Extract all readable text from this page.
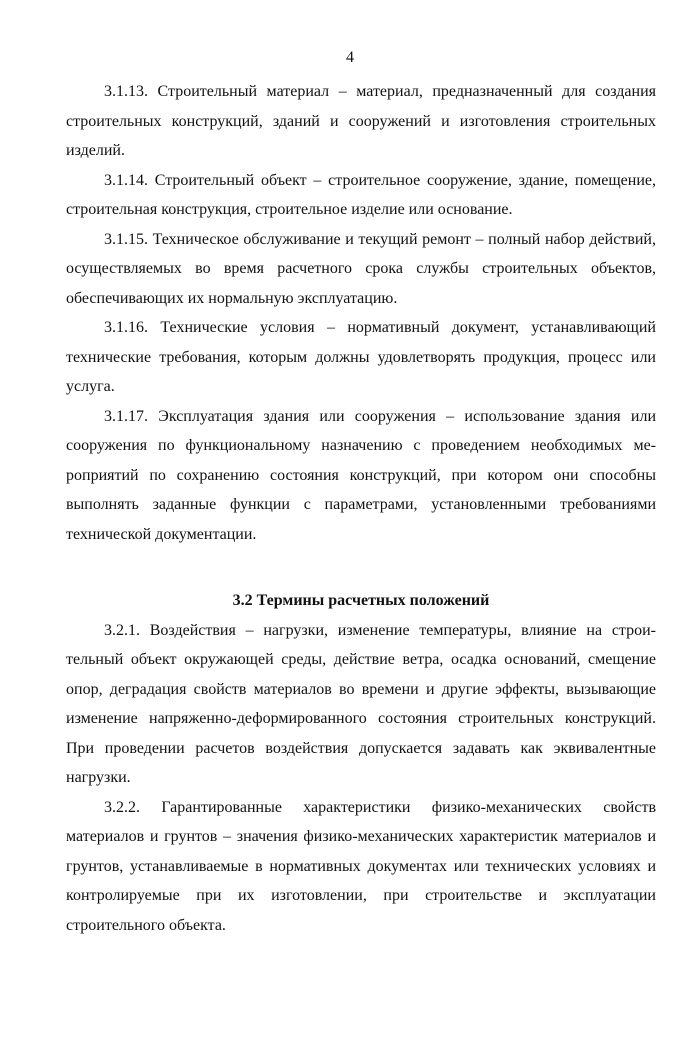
4

3.1.13. Строительный материал – материал, предназначенный для создания строительных конструкций, зданий и сооружений и изготовления строительных изделий.

3.1.14. Строительный объект – строительное сооружение, здание, помещение, строительная конструкция, строительное изделие или основание.

3.1.15. Техническое обслуживание и текущий ремонт – полный набор действий, осуществляемых во время расчетного срока службы строительных объектов, обеспечивающих их нормальную эксплуатацию.

3.1.16. Технические условия – нормативный документ, устанавливающий технические требования, которым должны удовлетворять продукция, процесс или услуга.

3.1.17. Эксплуатация здания или сооружения – использование здания или сооружения по функциональному назначению с проведением необходимых мероприятий по сохранению состояния конструкций, при котором они способны выполнять заданные функции с параметрами, установленными требованиями технической документации.

3.2 Термины расчетных положений

3.2.1. Воздействия – нагрузки, изменение температуры, влияние на строительный объект окружающей среды, действие ветра, осадка оснований, смещение опор, деградация свойств материалов во времени и другие эффекты, вызывающие изменение напряженно-деформированного состояния строительных конструкций. При проведении расчетов воздействия допускается задавать как эквивалентные нагрузки.

3.2.2. Гарантированные характеристики физико-механических свойств материалов и грунтов – значения физико-механических характеристик материалов и грунтов, устанавливаемые в нормативных документах или технических условиях и контролируемые при их изготовлении, при строительстве и эксплуатации строительного объекта.
